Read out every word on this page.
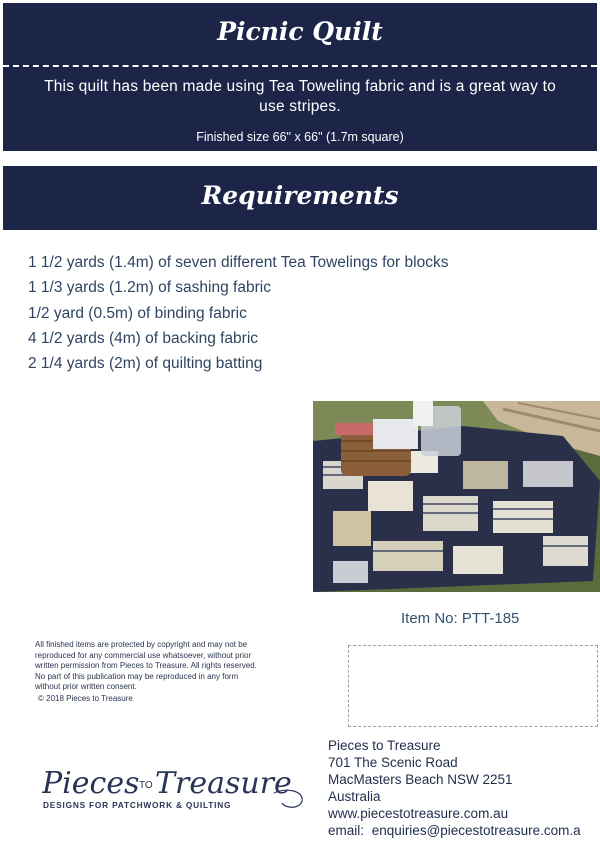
Picnic Quilt
This quilt has been made using Tea Toweling fabric and is a great way to use stripes.
Finished size 66" x 66" (1.7m square)
Requirements
1 1/2 yards (1.4m) of seven different Tea Towelings for blocks
1 1/3 yards (1.2m) of sashing fabric
1/2 yard (0.5m) of binding fabric
4 1/2 yards (4m) of backing fabric
2 1/4 yards (2m) of quilting batting
Item No: PTT-185

All finished items are protected by copyright and may not be

reproduced for any commercial use whatsoever, without prior

written permission from Pieces to Treasure. All rights reserved.

No part of this publication may be reproduced in any form

without prior written consent.

© 2018 Pieces to Treasure

Pieces TO Treasure
DESIGNS FOR PATCHWORK & QUILTING
Pieces to Treasure
701 The Scenic Road
MacMasters Beach NSW 2251
Australia
www.piecestotreasure.com.au
email: enquiries@piecestotreasure.com.a
